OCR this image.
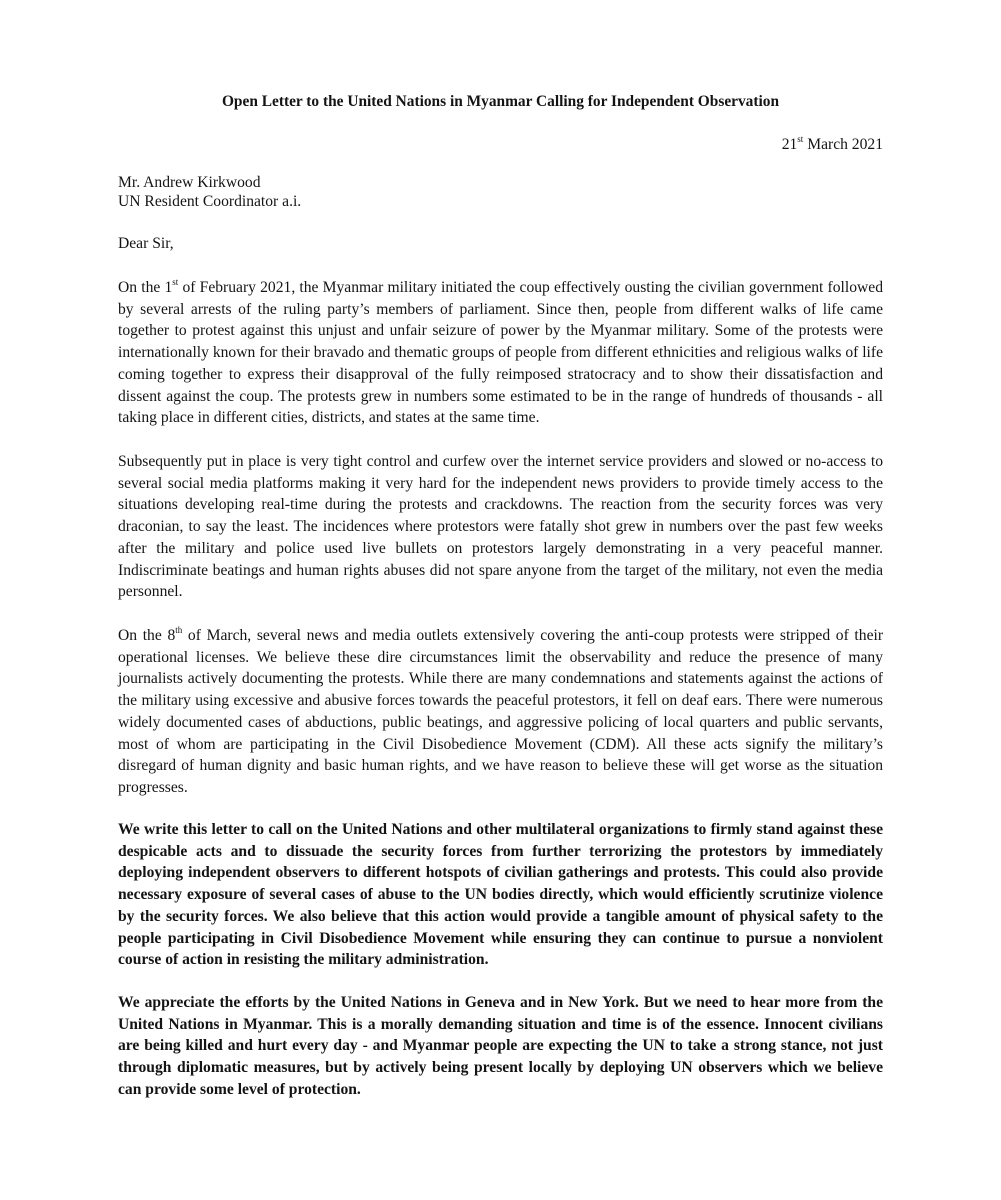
Open Letter to the United Nations in Myanmar Calling for Independent Observation
21st March 2021
Mr. Andrew Kirkwood
UN Resident Coordinator a.i.
Dear Sir,

On the 1st of February 2021, the Myanmar military initiated the coup effectively ousting the civilian government followed by several arrests of the ruling party’s members of parliament. Since then, people from different walks of life came together to protest against this unjust and unfair seizure of power by the Myanmar military. Some of the protests were internationally known for their bravado and thematic groups of people from different ethnicities and religious walks of life coming together to express their disapproval of the fully reimposed stratocracy and to show their dissatisfaction and dissent against the coup. The protests grew in numbers some estimated to be in the range of hundreds of thousands - all taking place in different cities, districts, and states at the same time.

Subsequently put in place is very tight control and curfew over the internet service providers and slowed or no-access to several social media platforms making it very hard for the independent news providers to provide timely access to the situations developing real-time during the protests and crackdowns. The reaction from the security forces was very draconian, to say the least. The incidences where protestors were fatally shot grew in numbers over the past few weeks after the military and police used live bullets on protestors largely demonstrating in a very peaceful manner. Indiscriminate beatings and human rights abuses did not spare anyone from the target of the military, not even the media personnel.

On the 8th of March, several news and media outlets extensively covering the anti-coup protests were stripped of their operational licenses. We believe these dire circumstances limit the observability and reduce the presence of many journalists actively documenting the protests. While there are many condemnations and statements against the actions of the military using excessive and abusive forces towards the peaceful protestors, it fell on deaf ears. There were numerous widely documented cases of abductions, public beatings, and aggressive policing of local quarters and public servants, most of whom are participating in the Civil Disobedience Movement (CDM). All these acts signify the military’s disregard of human dignity and basic human rights, and we have reason to believe these will get worse as the situation progresses.

We write this letter to call on the United Nations and other multilateral organizations to firmly stand against these despicable acts and to dissuade the security forces from further terrorizing the protestors by immediately deploying independent observers to different hotspots of civilian gatherings and protests. This could also provide necessary exposure of several cases of abuse to the UN bodies directly, which would efficiently scrutinize violence by the security forces. We also believe that this action would provide a tangible amount of physical safety to the people participating in Civil Disobedience Movement while ensuring they can continue to pursue a nonviolent course of action in resisting the military administration.

We appreciate the efforts by the United Nations in Geneva and in New York. But we need to hear more from the United Nations in Myanmar. This is a morally demanding situation and time is of the essence. Innocent civilians are being killed and hurt every day - and Myanmar people are expecting the UN to take a strong stance, not just through diplomatic measures, but by actively being present locally by deploying UN observers which we believe can provide some level of protection.
